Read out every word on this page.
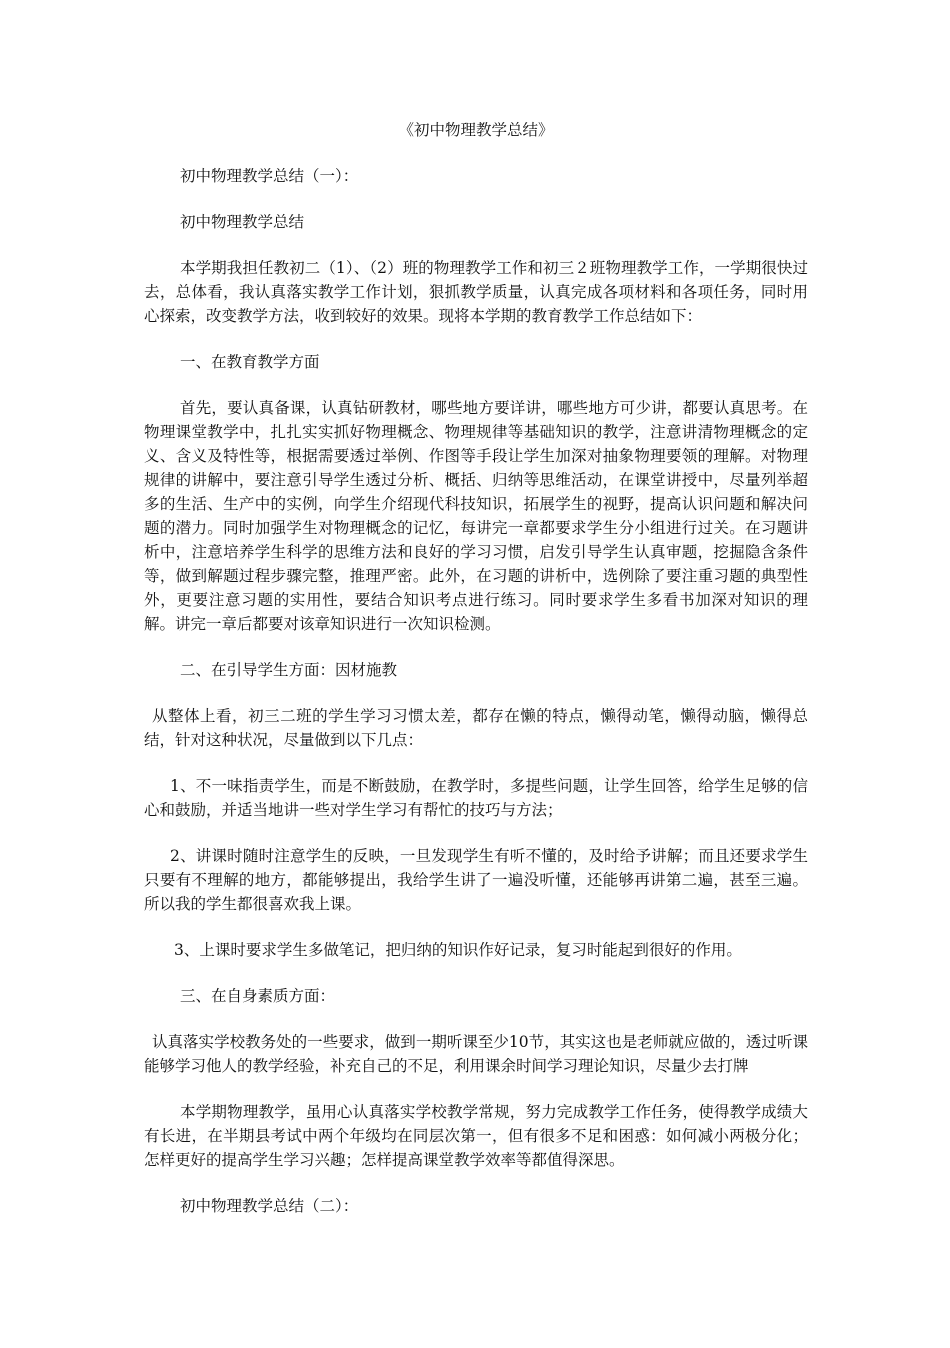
《初中物理教学总结》

初中物理教学总结（一）：

初中物理教学总结

本学期我担任教初二（1）、（2）班的物理教学工作和初三２班物理教学工作，一学期很快过去，总体看，我认真落实教学工作计划，狠抓教学质量，认真完成各项材料和各项任务，同时用心探索，改变教学方法，收到较好的效果。现将本学期的教育教学工作总结如下：

一、在教育教学方面

首先，要认真备课，认真钻研教材，哪些地方要详讲，哪些地方可少讲，都要认真思考。在物理课堂教学中，扎扎实实抓好物理概念、物理规律等基础知识的教学，注意讲清物理概念的定义、含义及特性等，根据需要透过举例、作图等手段让学生加深对抽象物理要领的理解。对物理规律的讲解中，要注意引导学生透过分析、概括、归纳等思维活动，在课堂讲授中，尽量列举超多的生活、生产中的实例，向学生介绍现代科技知识，拓展学生的视野，提高认识问题和解决问题的潜力。同时加强学生对物理概念的记忆，每讲完一章都要求学生分小组进行过关。在习题讲析中，注意培养学生科学的思维方法和良好的学习习惯，启发引导学生认真审题，挖掘隐含条件等，做到解题过程步骤完整，推理严密。此外，在习题的讲析中，选例除了要注重习题的典型性外，更要注意习题的实用性，要结合知识考点进行练习。同时要求学生多看书加深对知识的理解。讲完一章后都要对该章知识进行一次知识检测。

二、在引导学生方面：因材施教

从整体上看，初三二班的学生学习习惯太差，都存在懒的特点，懒得动笔，懒得动脑，懒得总结，针对这种状况，尽量做到以下几点：

1、不一味指责学生，而是不断鼓励，在教学时，多提些问题，让学生回答，给学生足够的信心和鼓励，并适当地讲一些对学生学习有帮忙的技巧与方法；

2、讲课时随时注意学生的反映，一旦发现学生有听不懂的，及时给予讲解；而且还要求学生只要有不理解的地方，都能够提出，我给学生讲了一遍没听懂，还能够再讲第二遍，甚至三遍。所以我的学生都很喜欢我上课。

3、上课时要求学生多做笔记，把归纳的知识作好记录，复习时能起到很好的作用。

三、在自身素质方面：

认真落实学校教务处的一些要求，做到一期听课至少10节，其实这也是老师就应做的，透过听课能够学习他人的教学经验，补充自己的不足，利用课余时间学习理论知识，尽量少去打牌

本学期物理教学，虽用心认真落实学校教学常规，努力完成教学工作任务，使得教学成绩大有长进，在半期县考试中两个年级均在同层次第一，但有很多不足和困惑：如何减小两极分化；怎样更好的提高学生学习兴趣；怎样提高课堂教学效率等都值得深思。

初中物理教学总结（二）：
